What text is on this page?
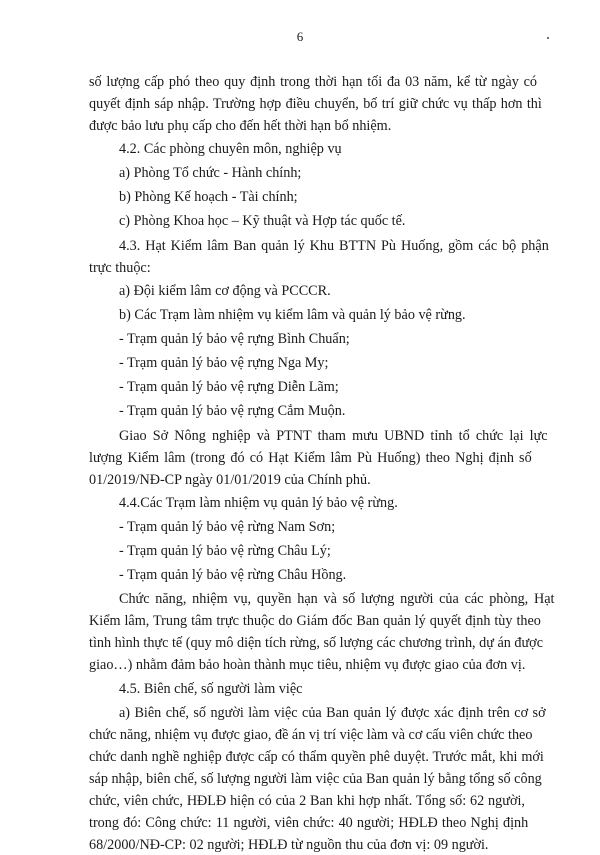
6
số lượng cấp phó theo quy định trong thời hạn tối đa 03 năm, kể từ ngày có
quyết định sáp nhập. Trường hợp điều chuyển, bố trí giữ chức vụ thấp hơn thì
được bảo lưu phụ cấp cho đến hết thời hạn bổ nhiệm.
4.2. Các phòng chuyên môn, nghiệp vụ
a) Phòng Tổ chức - Hành chính;
b) Phòng Kế hoạch - Tài chính;
c) Phòng Khoa học – Kỹ thuật và Hợp tác quốc tế.
4.3. Hạt Kiểm lâm Ban quản lý Khu BTTN Pù Huống, gồm các bộ phận
trực thuộc:
a) Đội kiểm lâm cơ động và PCCCR.
b) Các Trạm làm nhiệm vụ kiểm lâm và quản lý bảo vệ rừng.
- Trạm quản lý bảo vệ rựng Bình Chuẩn;
- Trạm quản lý bảo vệ rựng Nga My;
- Trạm quản lý bảo vệ rựng Diễn Lãm;
- Trạm quản lý bảo vệ rựng Cắm Muộn.
Giao Sở Nông nghiệp và PTNT tham mưu UBND tỉnh tổ chức lại lực
lượng Kiểm lâm (trong đó có Hạt Kiểm lâm Pù Huống) theo Nghị định số
01/2019/NĐ-CP ngày 01/01/2019 của Chính phủ.
4.4.Các Trạm làm nhiệm vụ quản lý bảo vệ rừng.
- Trạm quản lý bảo vệ rừng Nam Sơn;
- Trạm quản lý bảo vệ rừng Châu Lý;
- Trạm quản lý bảo vệ rừng Châu Hồng.
Chức năng, nhiệm vụ, quyền hạn và số lượng người của các phòng, Hạt
Kiểm lâm, Trung tâm trực thuộc do Giám đốc Ban quản lý quyết định tùy theo
tình hình thực tế (quy mô diện tích rừng, số lượng các chương trình, dự án được
giao…) nhằm đảm bảo hoàn thành mục tiêu, nhiệm vụ được giao của đơn vị.
4.5. Biên chế, số người làm việc
a) Biên chế, số người làm việc của Ban quản lý được xác định trên cơ sở
chức năng, nhiệm vụ được giao, đề án vị trí việc làm và cơ cấu viên chức theo
chức danh nghề nghiệp được cấp có thẩm quyền phê duyệt. Trước mắt, khi mới
sáp nhập, biên chế, số lượng người làm việc của Ban quản lý bằng tổng số công
chức, viên chức, HĐLĐ hiện có của 2 Ban khi hợp nhất. Tổng số: 62 người,
trong đó: Công chức: 11 người, viên chức: 40 người; HĐLĐ theo Nghị định
68/2000/NĐ-CP: 02 người; HĐLĐ từ nguồn thu của đơn vị: 09 người.
